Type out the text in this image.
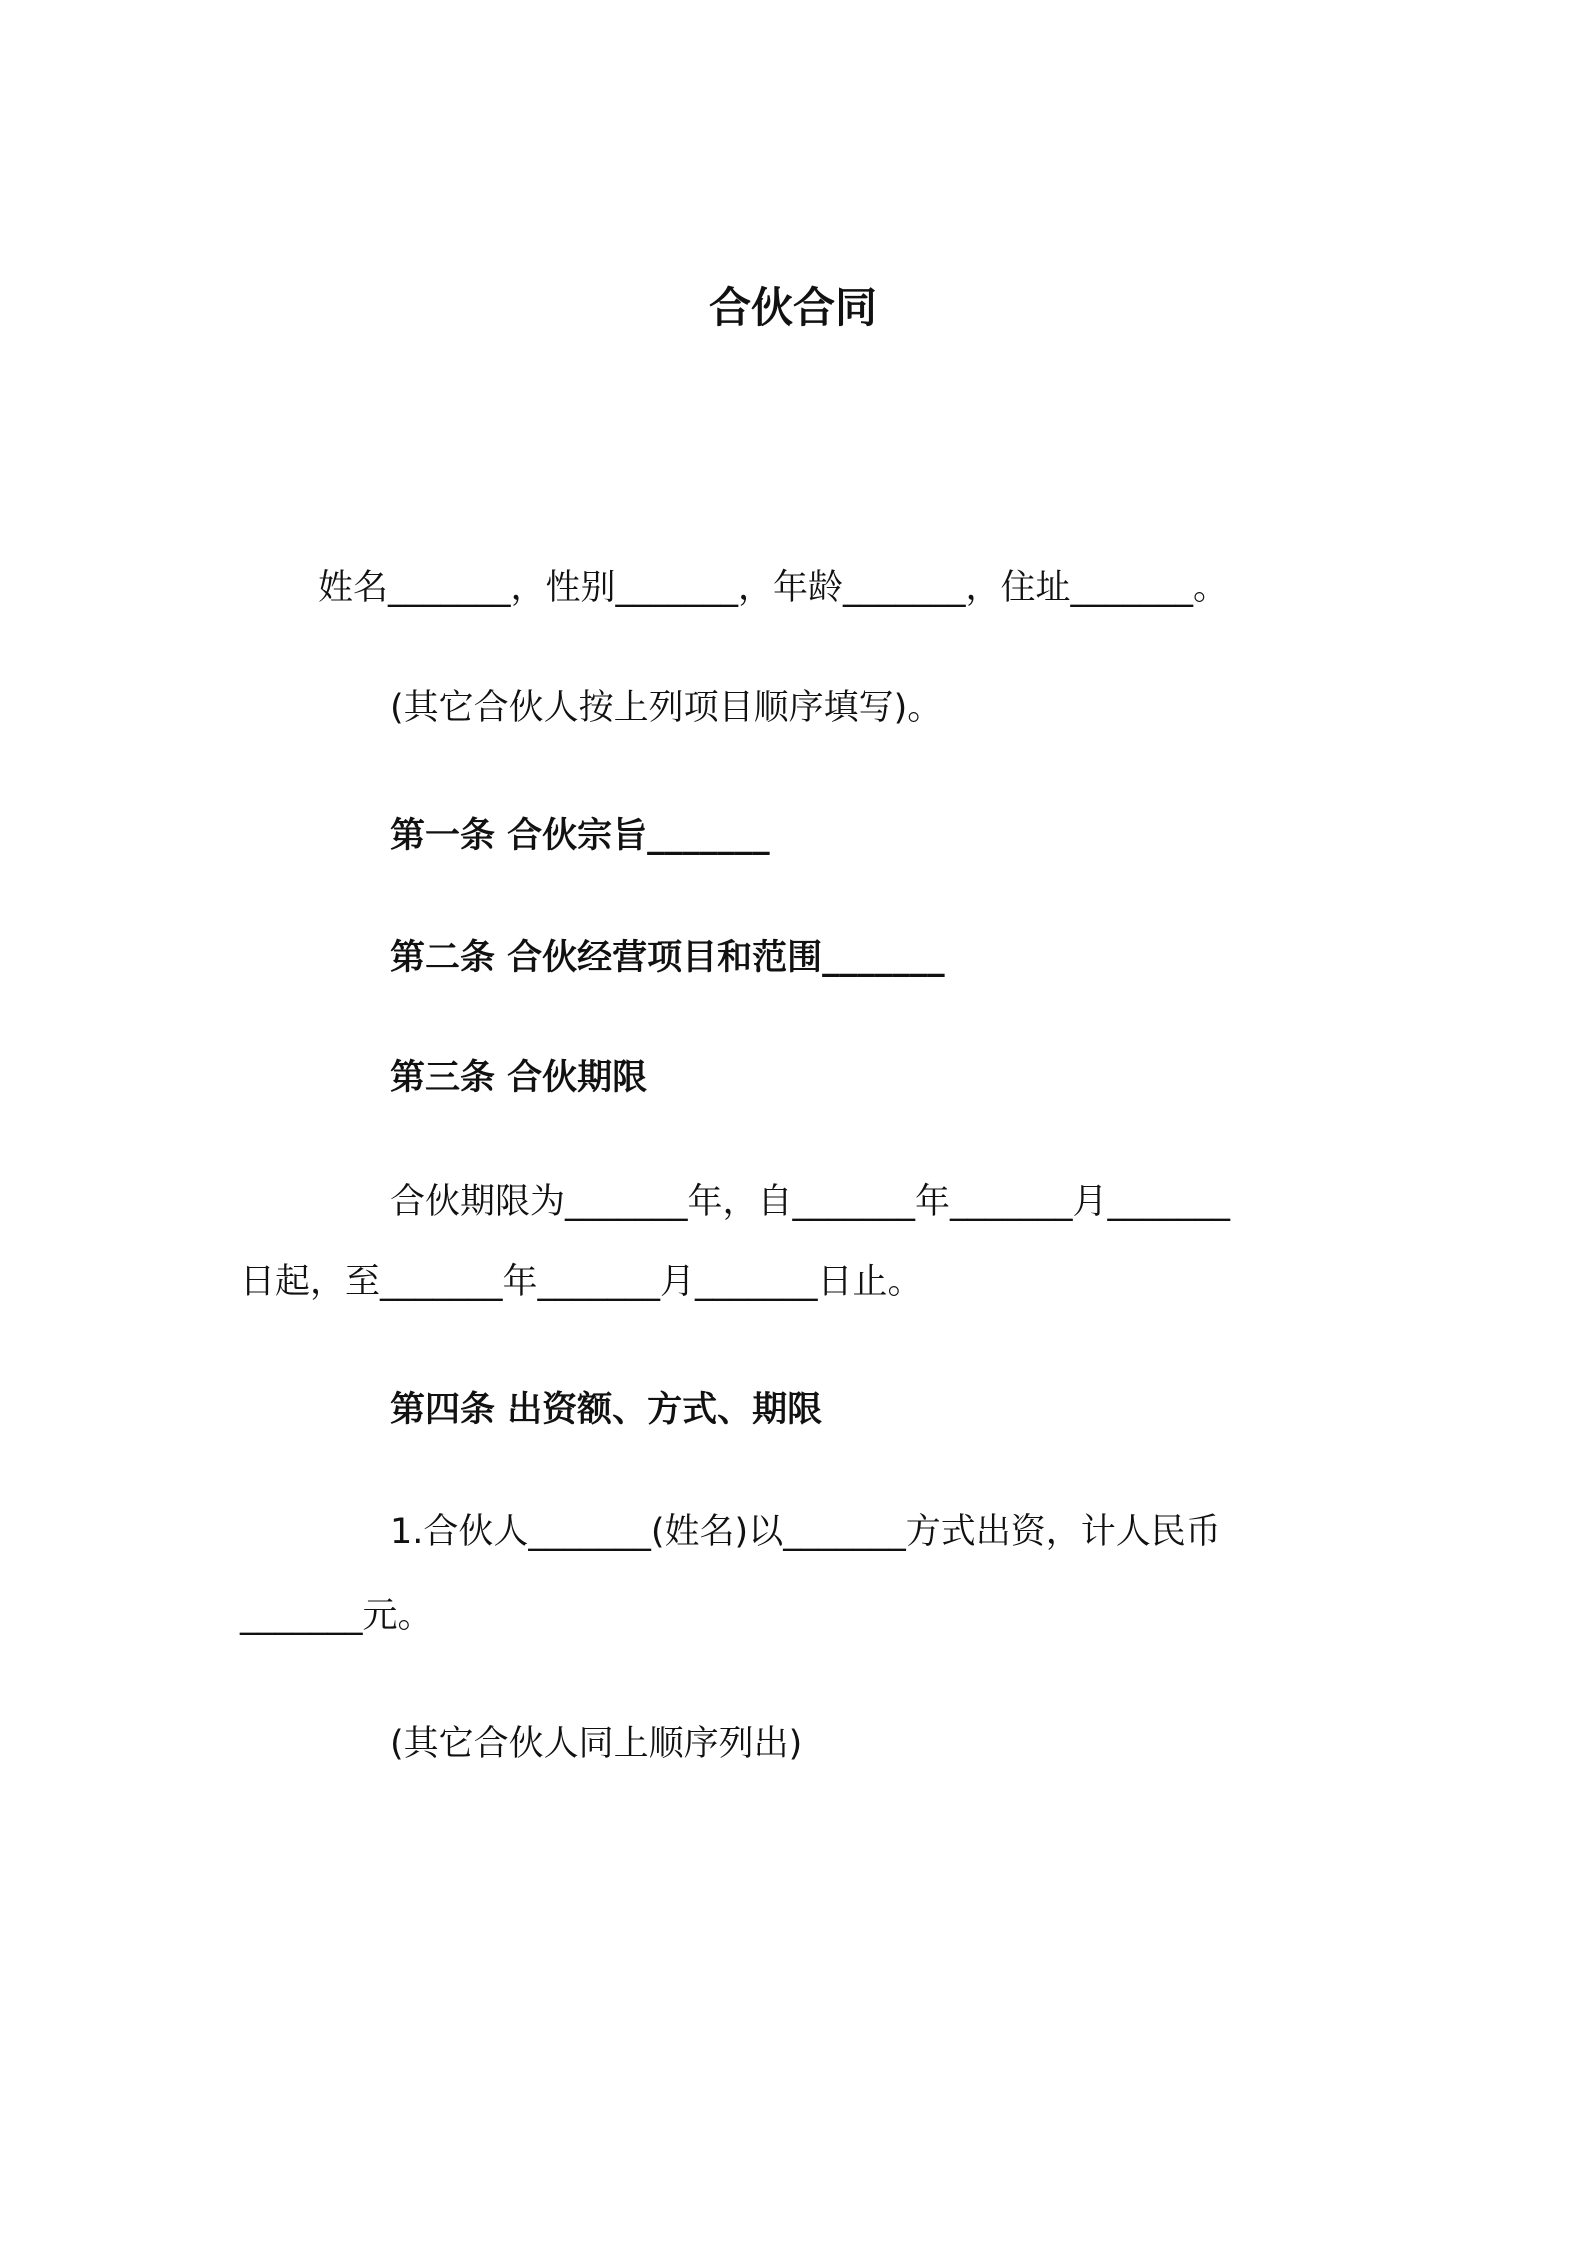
合伙合同

姓名_______，性别_______，年龄_______，住址_______。

(其它合伙人按上列项目顺序填写)。

第一条 合伙宗旨_______

第二条 合伙经营项目和范围_______

第三条 合伙期限

合伙期限为_______年，自_______年_______月_______

日起，至_______年_______月_______日止。

第四条 出资额、方式、期限

1.合伙人_______(姓名)以_______方式出资，计人民币

_______元。

(其它合伙人同上顺序列出)
